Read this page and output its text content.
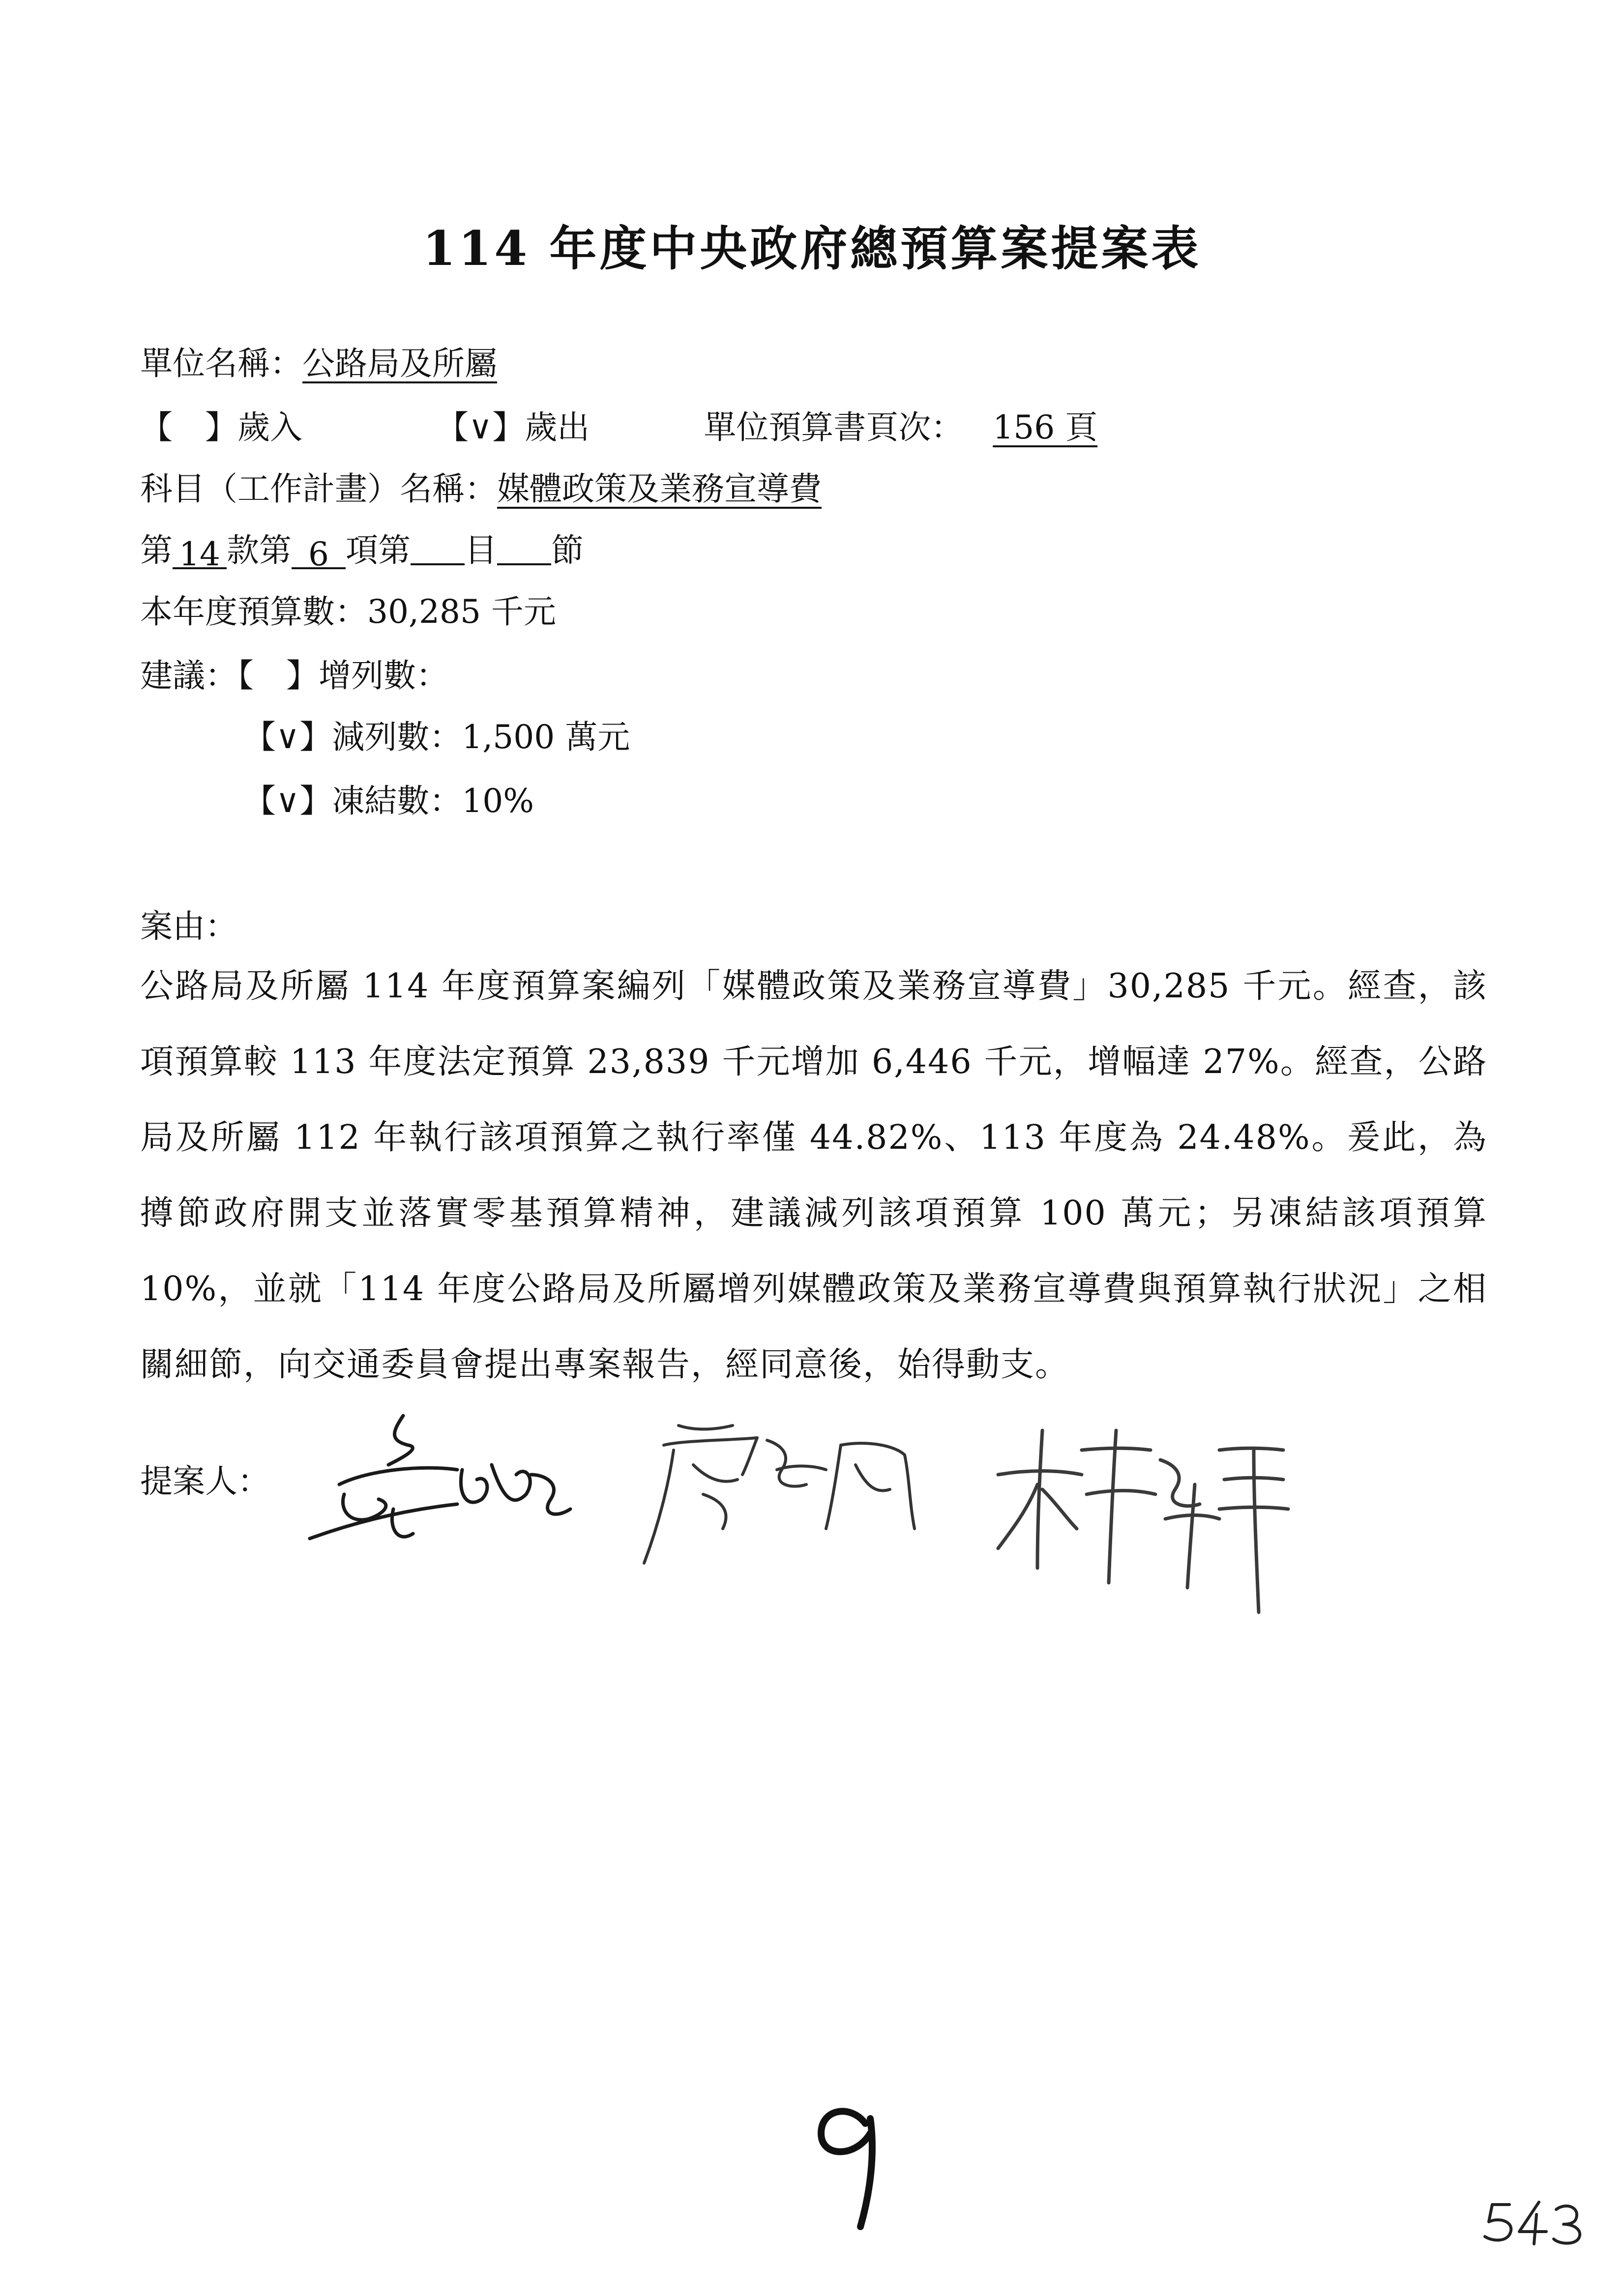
114 年度中央政府總預算案提案表
單位名稱：公路局及所屬
【　】歲入	【∨】歲出	單位預算書頁次： 156 頁
科目（工作計畫）名稱：媒體政策及業務宣導費
第 14 款第 6 項第 目 節
本年度預算數：30,285 千元
建議：【　】增列數：
【∨】減列數：1,500 萬元
【∨】凍結數：10%
案由：
公路局及所屬 114 年度預算案編列「媒體政策及業務宣導費」30,285 千元。經查，該項預算較 113 年度法定預算 23,839 千元增加 6,446 千元，增幅達 27%。經查，公路局及所屬 112 年執行該項預算之執行率僅 44.82%、113 年度為 24.48%。爰此，為撙節政府開支並落實零基預算精神，建議減列該項預算 100 萬元；另凍結該項預算 10%，並就「114 年度公路局及所屬增列媒體政策及業務宣導費與預算執行狀況」之相關細節，向交通委員會提出專案報告，經同意後，始得動支。
提案人：
